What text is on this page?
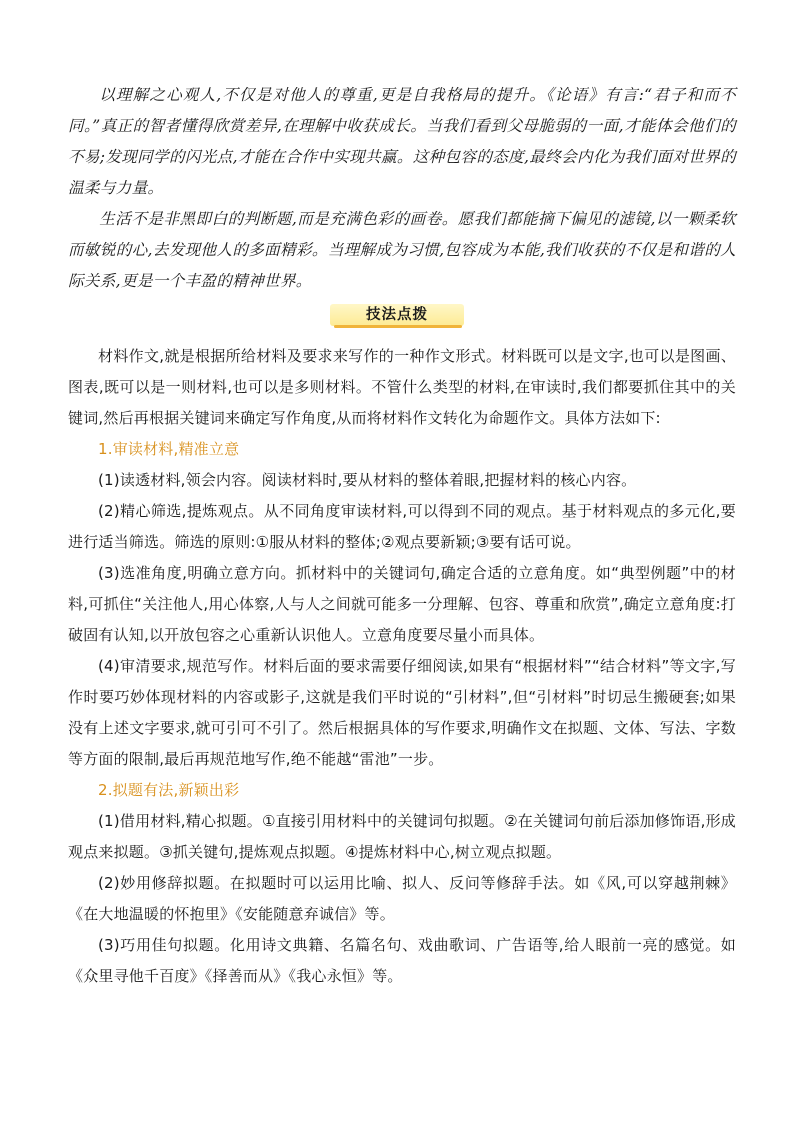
以理解之心观人,不仅是对他人的尊重,更是自我格局的提升。《论语》有言:“君子和而不同。”真正的智者懂得欣赏差异,在理解中收获成长。当我们看到父母脆弱的一面,才能体会他们的不易;发现同学的闪光点,才能在合作中实现共赢。这种包容的态度,最终会内化为我们面对世界的温柔与力量。

生活不是非黑即白的判断题,而是充满色彩的画卷。愿我们都能摘下偏见的滤镜,以一颗柔软而敏锐的心,去发现他人的多面精彩。当理解成为习惯,包容成为本能,我们收获的不仅是和谐的人际关系,更是一个丰盈的精神世界。

技法点拨

材料作文,就是根据所给材料及要求来写作的一种作文形式。材料既可以是文字,也可以是图画、图表,既可以是一则材料,也可以是多则材料。不管什么类型的材料,在审读时,我们都要抓住其中的关键词,然后再根据关键词来确定写作角度,从而将材料作文转化为命题作文。具体方法如下:

1.审读材料,精准立意

(1)读透材料,领会内容。阅读材料时,要从材料的整体着眼,把握材料的核心内容。

(2)精心筛选,提炼观点。从不同角度审读材料,可以得到不同的观点。基于材料观点的多元化,要进行适当筛选。筛选的原则:①服从材料的整体;②观点要新颖;③要有话可说。

(3)选准角度,明确立意方向。抓材料中的关键词句,确定合适的立意角度。如“典型例题”中的材料,可抓住“关注他人,用心体察,人与人之间就可能多一分理解、包容、尊重和欣赏”,确定立意角度:打破固有认知,以开放包容之心重新认识他人。立意角度要尽量小而具体。

(4)审清要求,规范写作。材料后面的要求需要仔细阅读,如果有“根据材料”“结合材料”等文字,写作时要巧妙体现材料的内容或影子,这就是我们平时说的“引材料”,但“引材料”时切忌生搬硬套;如果没有上述文字要求,就可引可不引了。然后根据具体的写作要求,明确作文在拟题、文体、写法、字数等方面的限制,最后再规范地写作,绝不能越“雷池”一步。

2.拟题有法,新颖出彩

(1)借用材料,精心拟题。①直接引用材料中的关键词句拟题。②在关键词句前后添加修饰语,形成观点来拟题。③抓关键句,提炼观点拟题。④提炼材料中心,树立观点拟题。

(2)妙用修辞拟题。在拟题时可以运用比喻、拟人、反问等修辞手法。如《风,可以穿越荆棘》《在大地温暖的怀抱里》《安能随意弃诚信》等。

(3)巧用佳句拟题。化用诗文典籍、名篇名句、戏曲歌词、广告语等,给人眼前一亮的感觉。如《众里寻他千百度》《择善而从》《我心永恒》等。
